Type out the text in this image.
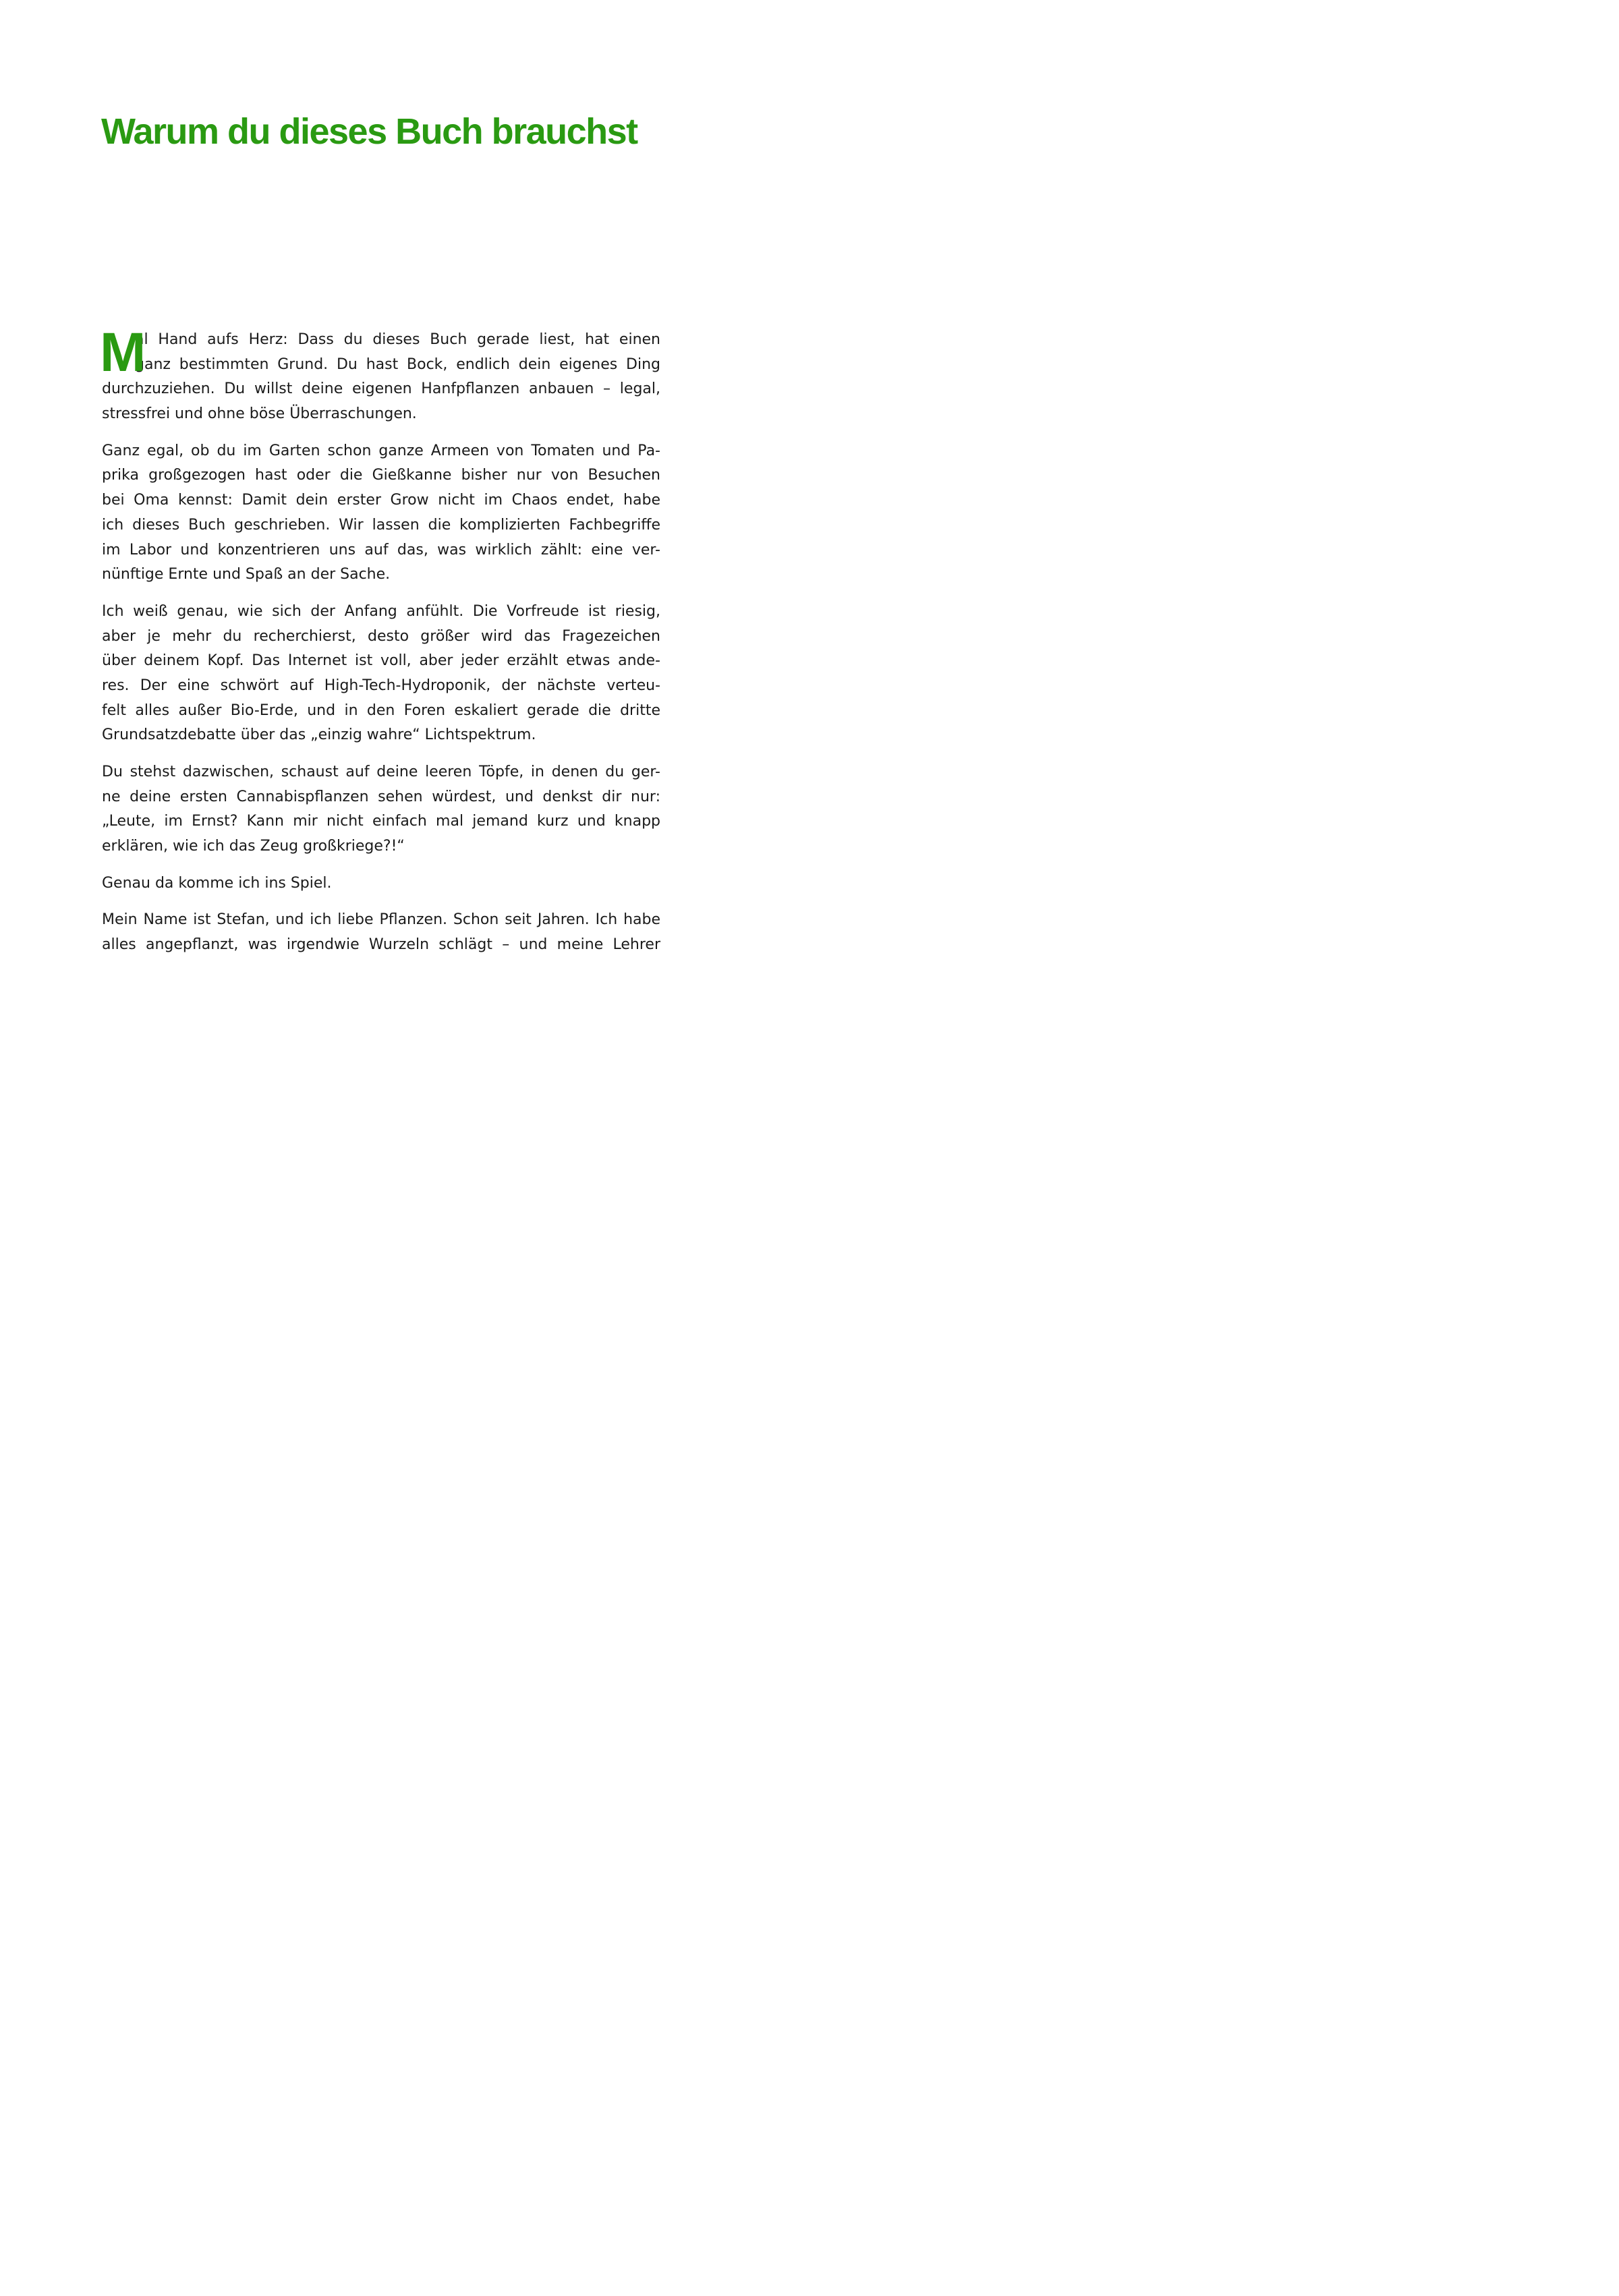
Warum du dieses Buch brauchst
M
al Hand aufs Herz: Dass du dieses Buch gerade liest, hat einen
ganz bestimmten Grund. Du hast Bock, endlich dein eigenes Ding
durchzuziehen. Du willst deine eigenen Hanfpflanzen anbauen – legal,
stressfrei und ohne böse Überraschungen.
Ganz egal, ob du im Garten schon ganze Armeen von Tomaten und Pa-
prika großgezogen hast oder die Gießkanne bisher nur von Besuchen
bei Oma kennst: Damit dein erster Grow nicht im Chaos endet, habe
ich dieses Buch geschrieben. Wir lassen die komplizierten Fachbegriffe
im Labor und konzentrieren uns auf das, was wirklich zählt: eine ver-
nünftige Ernte und Spaß an der Sache.
Ich weiß genau, wie sich der Anfang anfühlt. Die Vorfreude ist riesig,
aber je mehr du recherchierst, desto größer wird das Fragezeichen
über deinem Kopf. Das Internet ist voll, aber jeder erzählt etwas ande-
res. Der eine schwört auf High-Tech-Hydroponik, der nächste verteu-
felt alles außer Bio-Erde, und in den Foren eskaliert gerade die dritte
Grundsatzdebatte über das „einzig wahre“ Lichtspektrum.
Du stehst dazwischen, schaust auf deine leeren Töpfe, in denen du ger-
ne deine ersten Cannabispflanzen sehen würdest, und denkst dir nur:
„Leute, im Ernst? Kann mir nicht einfach mal jemand kurz und knapp
erklären, wie ich das Zeug großkriege?!“
Genau da komme ich ins Spiel.
Mein Name ist Stefan, und ich liebe Pflanzen. Schon seit Jahren. Ich habe
alles angepflanzt, was irgendwie Wurzeln schlägt – und meine Lehrer
